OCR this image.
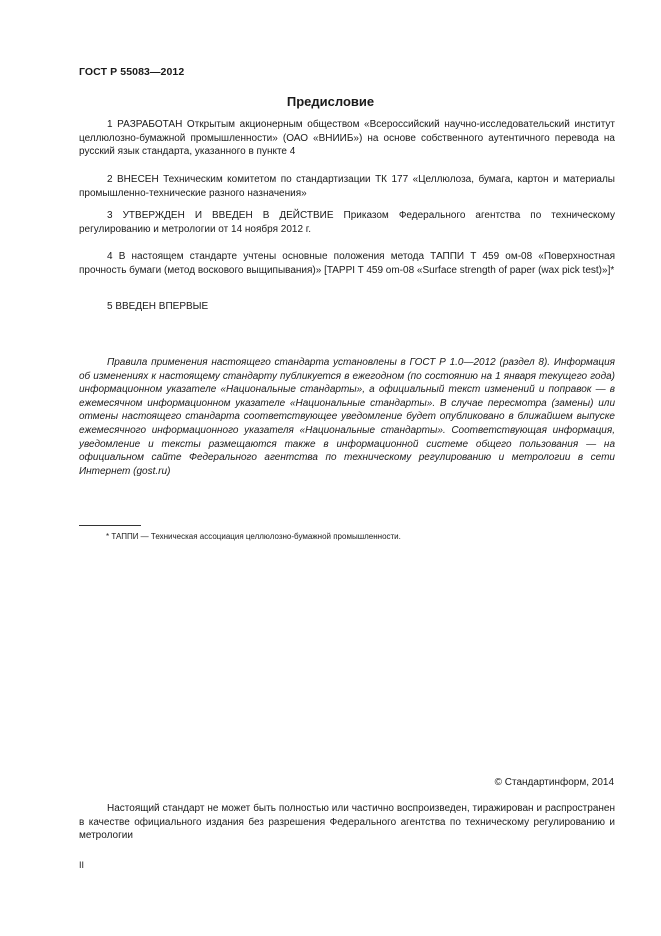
ГОСТ Р 55083—2012
Предисловие

1 РАЗРАБОТАН Открытым акционерным обществом «Всероссийский научно-исследовательский институт целлюлозно-бумажной промышленности» (ОАО «ВНИИБ») на основе собственного аутентичного перевода на русский язык стандарта, указанного в пункте 4

2 ВНЕСЕН Техническим комитетом по стандартизации ТК 177 «Целлюлоза, бумага, картон и материалы промышленно-технические разного назначения»

3 УТВЕРЖДЕН И ВВЕДЕН В ДЕЙСТВИЕ Приказом Федерального агентства по техническому регулированию и метрологии от 14 ноября 2012 г.

4 В настоящем стандарте учтены основные положения метода ТАППИ Т 459 ом-08 «Поверхностная прочность бумаги (метод воскового выщипывания)» [TAPPI T 459 om-08 «Surface strength of paper (wax pick test)»]*

5 ВВЕДЕН ВПЕРВЫЕ

Правила применения настоящего стандарта установлены в ГОСТ Р 1.0—2012 (раздел 8). Информация об изменениях к настоящему стандарту публикуется в ежегодном (по состоянию на 1 января текущего года) информационном указателе «Национальные стандарты», а официальный текст изменений и поправок — в ежемесячном информационном указателе «Национальные стандарты». В случае пересмотра (замены) или отмены настоящего стандарта соответствующее уведомление будет опубликовано в ближайшем выпуске ежемесячного информационного указателя «Национальные стандарты». Соответствующая информация, уведомление и тексты размещаются также в информационной системе общего пользования — на официальном сайте Федерального агентства по техническому регулированию и метрологии в сети Интернет (gost.ru)

* ТАППИ — Техническая ассоциация целлюлозно-бумажной промышленности.
© Стандартинформ, 2014

Настоящий стандарт не может быть полностью или частично воспроизведен, тиражирован и распространен в качестве официального издания без разрешения Федерального агентства по техническому регулированию и метрологии

II
